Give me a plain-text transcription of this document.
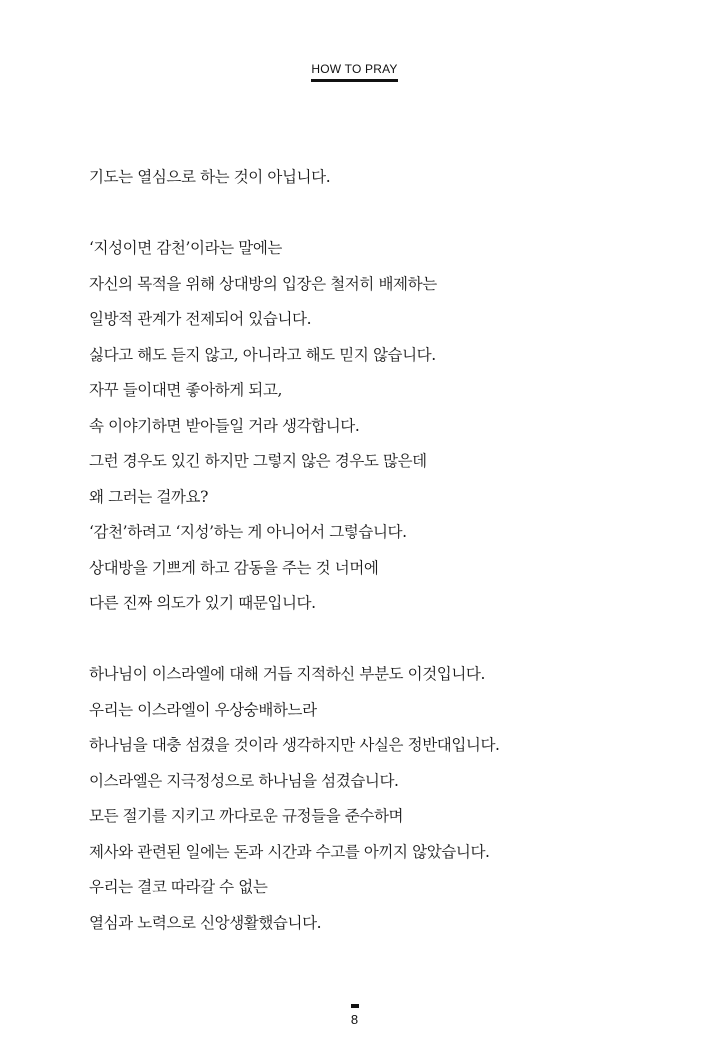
HOW TO PRAY
기도는 열심으로 하는 것이 아닙니다.
‘지성이면 감천’이라는 말에는
자신의 목적을 위해 상대방의 입장은 철저히 배제하는
일방적 관계가 전제되어 있습니다.
싫다고 해도 듣지 않고, 아니라고 해도 믿지 않습니다.
자꾸 들이대면 좋아하게 되고,
속 이야기하면 받아들일 거라 생각합니다.
그런 경우도 있긴 하지만 그렇지 않은 경우도 많은데
왜 그러는 걸까요?
‘감천’하려고 ‘지성’하는 게 아니어서 그렇습니다.
상대방을 기쁘게 하고 감동을 주는 것 너머에
다른 진짜 의도가 있기 때문입니다.
하나님이 이스라엘에 대해 거듭 지적하신 부분도 이것입니다.
우리는 이스라엘이 우상숭배하느라
하나님을 대충 섬겼을 것이라 생각하지만 사실은 정반대입니다.
이스라엘은 지극정성으로 하나님을 섬겼습니다.
모든 절기를 지키고 까다로운 규정들을 준수하며
제사와 관련된 일에는 돈과 시간과 수고를 아끼지 않았습니다.
우리는 결코 따라갈 수 없는
열심과 노력으로 신앙생활했습니다.
8
